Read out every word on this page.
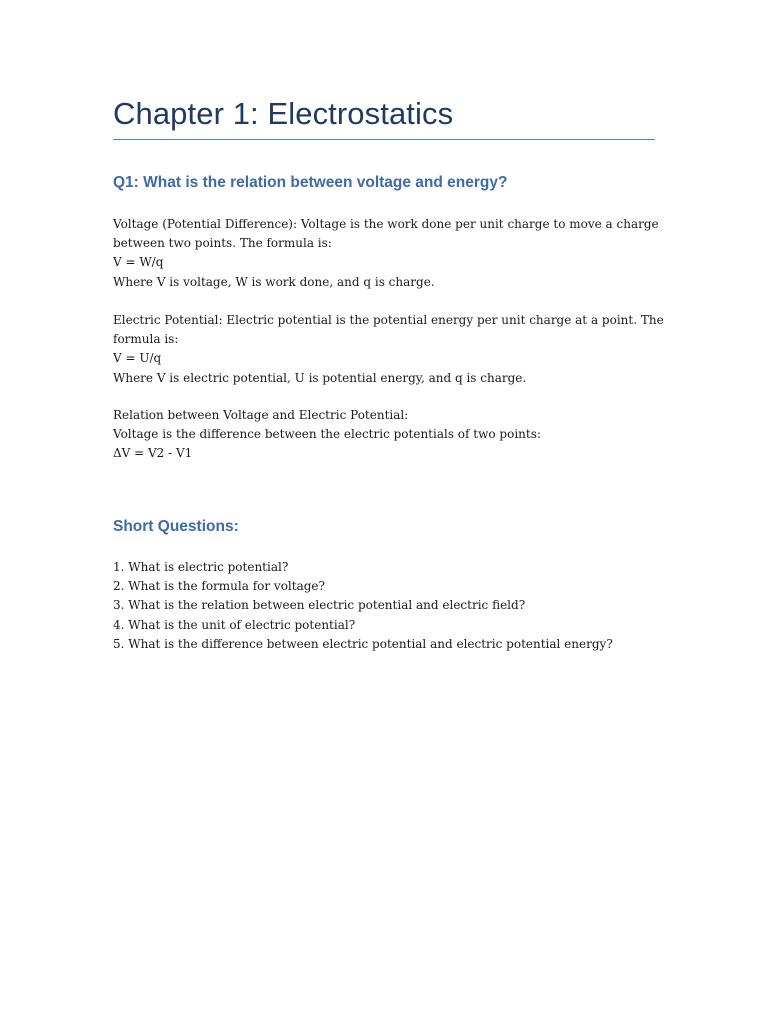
Chapter 1: Electrostatics
Q1: What is the relation between voltage and energy?
Voltage (Potential Difference): Voltage is the work done per unit charge to move a charge
between two points. The formula is:
V = W/q
Where V is voltage, W is work done, and q is charge.
Electric Potential: Electric potential is the potential energy per unit charge at a point. The
formula is:
V = U/q
Where V is electric potential, U is potential energy, and q is charge.
Relation between Voltage and Electric Potential:
Voltage is the difference between the electric potentials of two points:
ΔV = V2 - V1
Short Questions:
1. What is electric potential?
2. What is the formula for voltage?
3. What is the relation between electric potential and electric field?
4. What is the unit of electric potential?
5. What is the difference between electric potential and electric potential energy?
